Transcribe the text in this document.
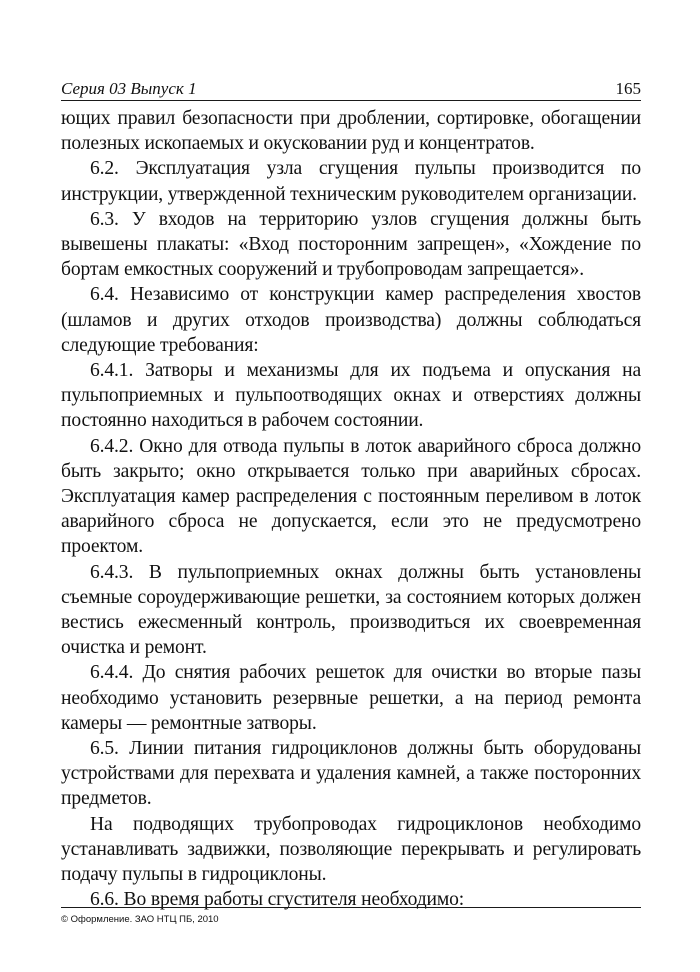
Серия 03 Выпуск 1	165

ющих правил безопасности при дроблении, сортировке, обогащении полезных ископаемых и окусковании руд и концентратов.

6.2. Эксплуатация узла сгущения пульпы производится по инструкции, утвержденной техническим руководителем организации.

6.3. У входов на территорию узлов сгущения должны быть вывешены плакаты: «Вход посторонним запрещен», «Хождение по бортам емкостных сооружений и трубопроводам запрещается».

6.4. Независимо от конструкции камер распределения хвостов (шламов и других отходов производства) должны соблюдаться следующие требования:

6.4.1. Затворы и механизмы для их подъема и опускания на пульпоприемных и пульпоотводящих окнах и отверстиях должны постоянно находиться в рабочем состоянии.

6.4.2. Окно для отвода пульпы в лоток аварийного сброса должно быть закрыто; окно открывается только при аварийных сбросах. Эксплуатация камер распределения с постоянным переливом в лоток аварийного сброса не допускается, если это не предусмотрено проектом.

6.4.3. В пульпоприемных окнах должны быть установлены съемные сороудерживающие решетки, за состоянием которых должен вестись ежесменный контроль, производиться их своевременная очистка и ремонт.

6.4.4. До снятия рабочих решеток для очистки во вторые пазы необходимо установить резервные решетки, а на период ремонта камеры — ремонтные затворы.

6.5. Линии питания гидроциклонов должны быть оборудованы устройствами для перехвата и удаления камней, а также посторонних предметов.

На подводящих трубопроводах гидроциклонов необходимо устанавливать задвижки, позволяющие перекрывать и регулировать подачу пульпы в гидроциклоны.

6.6. Во время работы сгустителя необходимо:

© Оформление. ЗАО НТЦ ПБ, 2010
